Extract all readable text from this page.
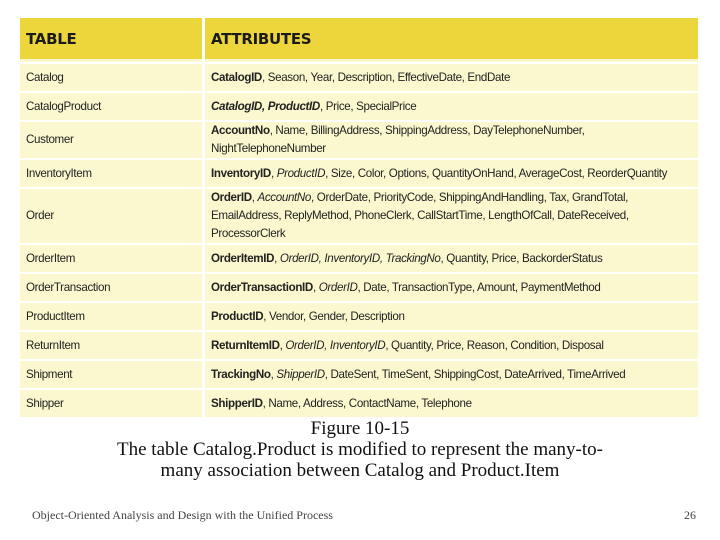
TABLE	ATTRIBUTES

Catalog	CatalogID, Season, Year, Description, EffectiveDate, EndDate
CatalogProduct	CatalogID, ProductID, Price, SpecialPrice
Customer	AccountNo, Name, BillingAddress, ShippingAddress, DayTelephoneNumber, NightTelephoneNumber
InventoryItem	InventoryID, ProductID, Size, Color, Options, QuantityOnHand, AverageCost, ReorderQuantity
Order	OrderID, AccountNo, OrderDate, PriorityCode, ShippingAndHandling, Tax, GrandTotal, EmailAddress, ReplyMethod, PhoneClerk, CallStartTime, LengthOfCall, DateReceived, ProcessorClerk
OrderItem	OrderItemID, OrderID, InventoryID, TrackingNo, Quantity, Price, BackorderStatus
OrderTransaction	OrderTransactionID, OrderID, Date, TransactionType, Amount, PaymentMethod
ProductItem	ProductID, Vendor, Gender, Description
ReturnItem	ReturnItemID, OrderID, InventoryID, Quantity, Price, Reason, Condition, Disposal
Shipment	TrackingNo, ShipperID, DateSent, TimeSent, ShippingCost, DateArrived, TimeArrived
Shipper	ShipperID, Name, Address, ContactName, Telephone
Figure 10-15
The table Catalog.Product is modified to represent the many-to-
many association between Catalog and Product.Item
Object-Oriented Analysis and Design with the Unified Process	26
